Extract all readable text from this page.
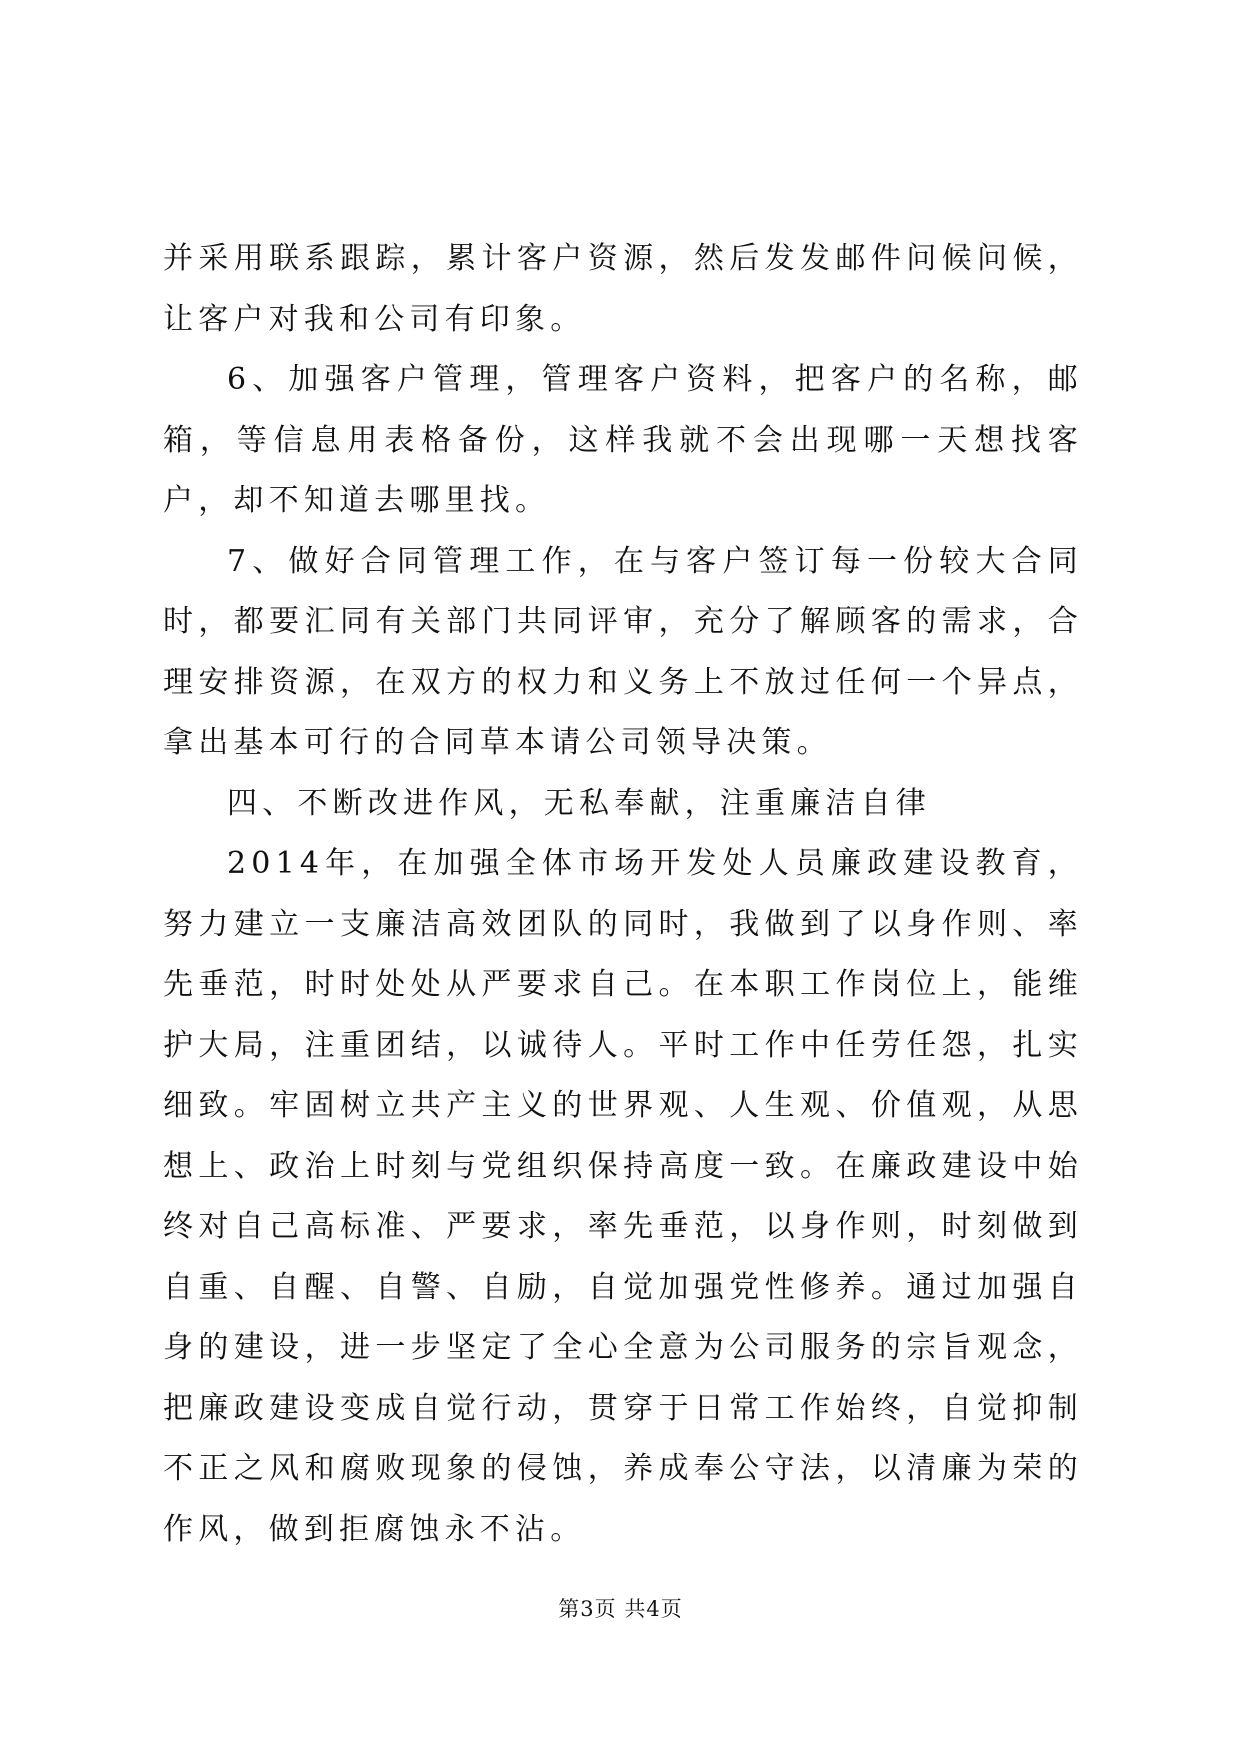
并采用联系跟踪，累计客户资源，然后发发邮件问候问候，让客户对我和公司有印象。

6、加强客户管理，管理客户资料，把客户的名称，邮箱，等信息用表格备份，这样我就不会出现哪一天想找客户，却不知道去哪里找。

7、做好合同管理工作，在与客户签订每一份较大合同时，都要汇同有关部门共同评审，充分了解顾客的需求，合理安排资源，在双方的权力和义务上不放过任何一个异点，拿出基本可行的合同草本请公司领导决策。

四、不断改进作风，无私奉献，注重廉洁自律

2014年，在加强全体市场开发处人员廉政建设教育，努力建立一支廉洁高效团队的同时，我做到了以身作则、率先垂范，时时处处从严要求自己。在本职工作岗位上，能维护大局，注重团结，以诚待人。平时工作中任劳任怨，扎实细致。牢固树立共产主义的世界观、人生观、价值观，从思想上、政治上时刻与党组织保持高度一致。在廉政建设中始终对自己高标准、严要求，率先垂范，以身作则，时刻做到自重、自醒、自警、自励，自觉加强党性修养。通过加强自身的建设，进一步坚定了全心全意为公司服务的宗旨观念，把廉政建设变成自觉行动，贯穿于日常工作始终，自觉抑制不正之风和腐败现象的侵蚀，养成奉公守法，以清廉为荣的作风，做到拒腐蚀永不沾。

第3页 共4页
